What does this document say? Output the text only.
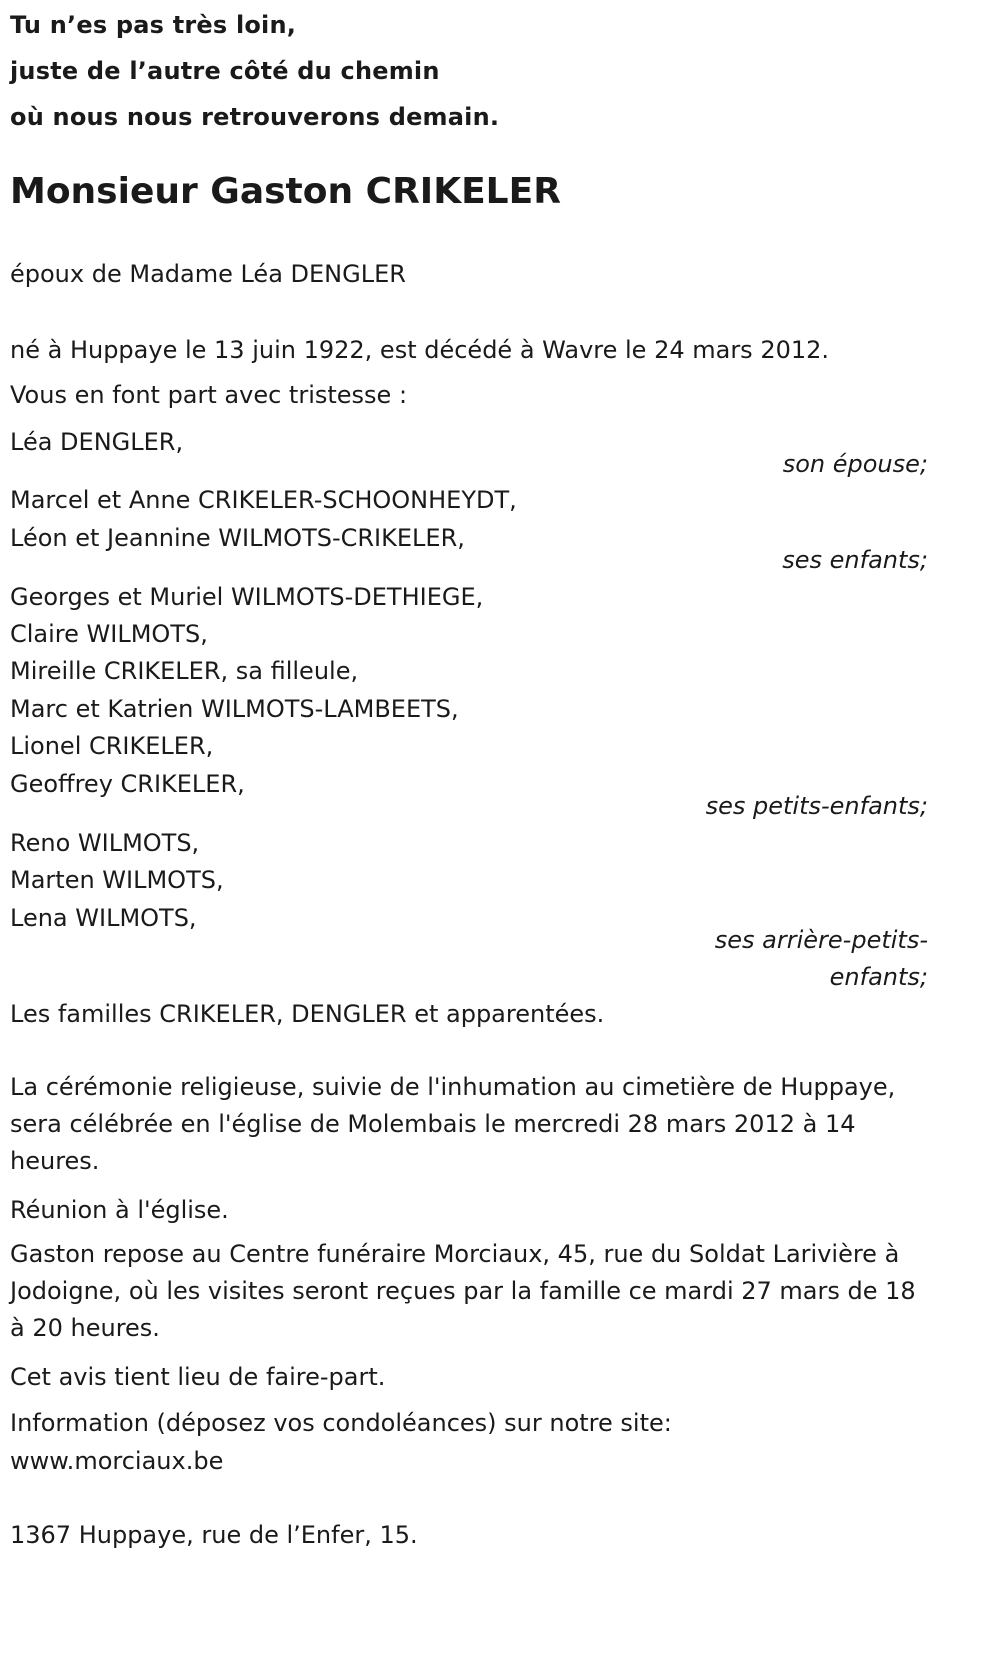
Tu n’es pas très loin,
juste de l’autre côté du chemin
où nous nous retrouverons demain.
Monsieur Gaston CRIKELER
époux de Madame Léa DENGLER
né à Huppaye le 13 juin 1922, est décédé à Wavre le 24 mars 2012.
Vous en font part avec tristesse :
Léa DENGLER,
son épouse;
Marcel et Anne CRIKELER-SCHOONHEYDT,
Léon et Jeannine WILMOTS-CRIKELER,
ses enfants;
Georges et Muriel WILMOTS-DETHIEGE,
Claire WILMOTS,
Mireille CRIKELER, sa filleule,
Marc et Katrien WILMOTS-LAMBEETS,
Lionel CRIKELER,
Geoffrey CRIKELER,
ses petits-enfants;
Reno WILMOTS,
Marten WILMOTS,
Lena WILMOTS,
ses arrière-petits-
enfants;
Les familles CRIKELER, DENGLER et apparentées.
La cérémonie religieuse, suivie de l'inhumation au cimetière de Huppaye, sera célébrée en l'église de Molembais le mercredi 28 mars 2012 à 14 heures.
Réunion à l'église.
Gaston repose au Centre funéraire Morciaux, 45, rue du Soldat Larivière à Jodoigne, où les visites seront reçues par la famille ce mardi 27 mars de 18 à 20 heures.
Cet avis tient lieu de faire-part.
Information (déposez vos condoléances) sur notre site:
www.morciaux.be
1367 Huppaye, rue de l’Enfer, 15.
